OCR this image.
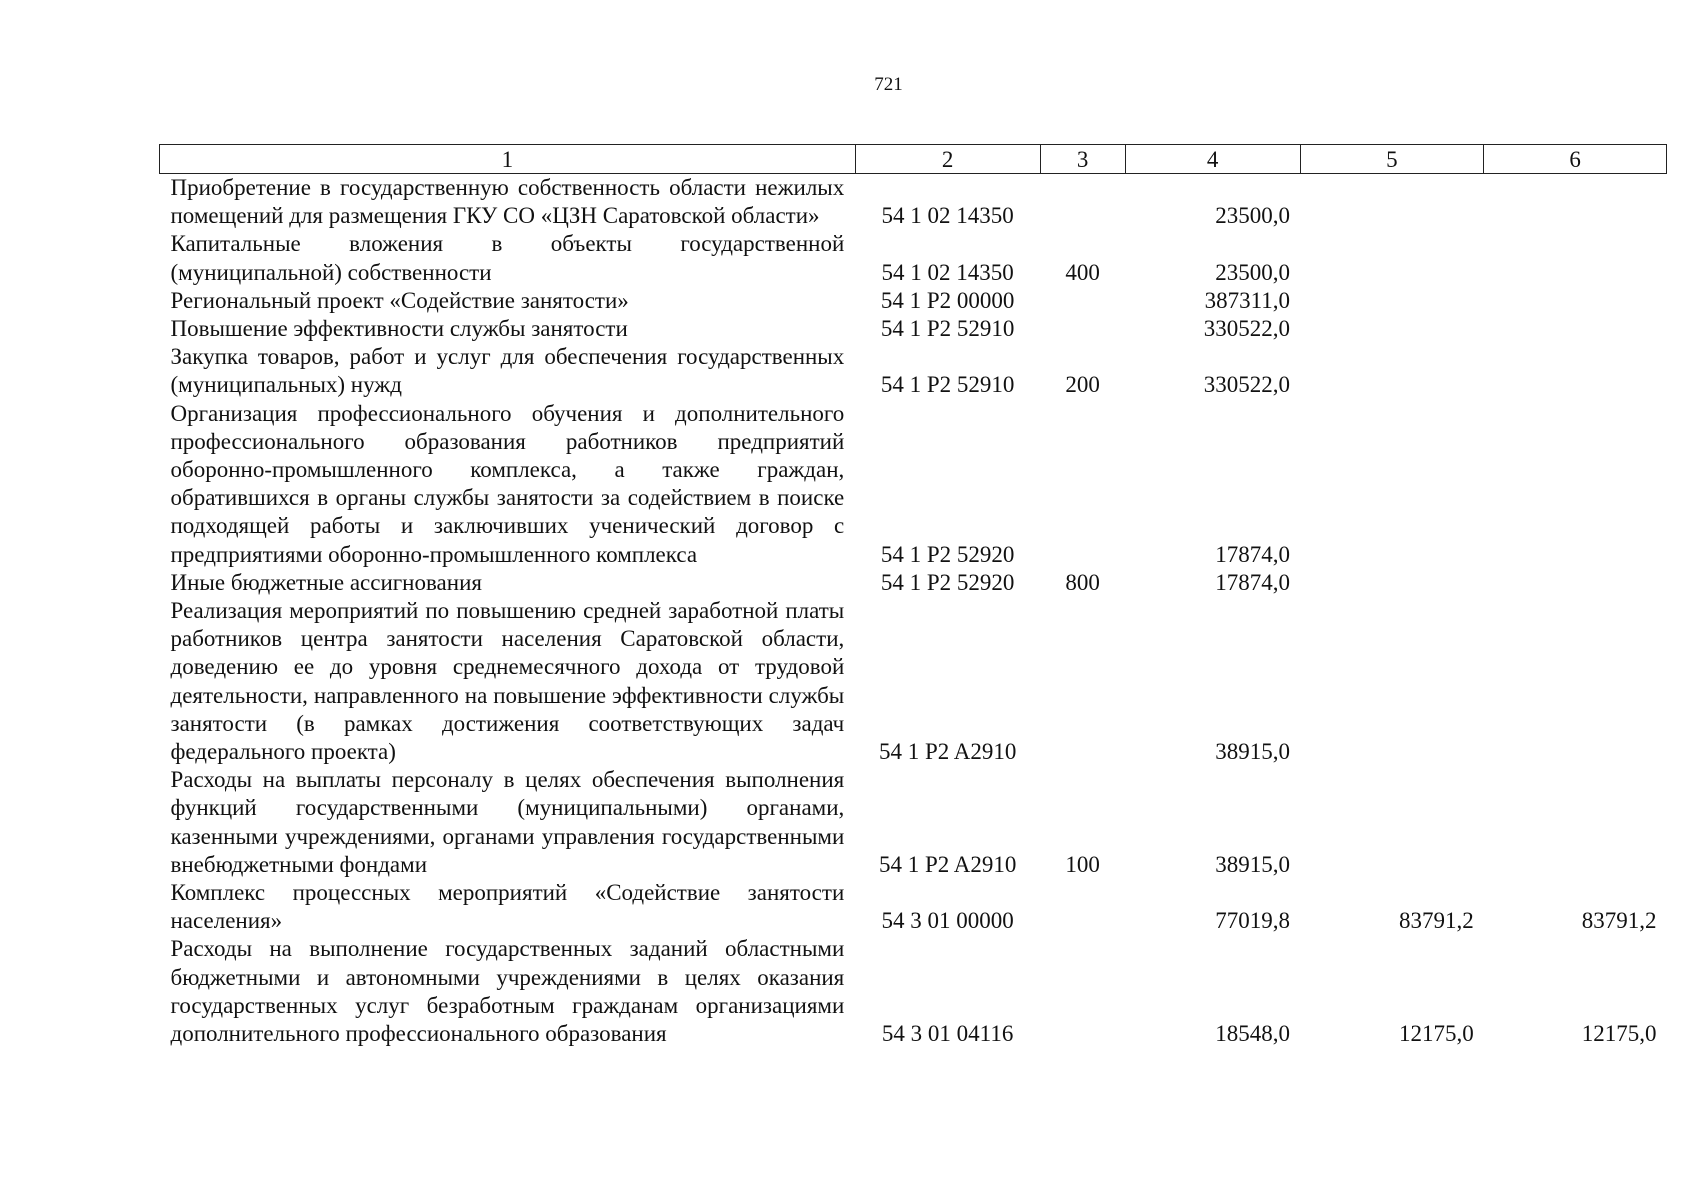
721
1	2	3	4	5	6
Приобретение в государственную собственность области нежилых помещений для размещения ГКУ СО «ЦЗН Саратовской области»	54 1 02 14350		23500,0		
Капитальные вложения в объекты государственной (муниципальной) собственности	54 1 02 14350	400	23500,0		
Региональный проект «Содействие занятости»	54 1 P2 00000		387311,0		
Повышение эффективности службы занятости	54 1 P2 52910		330522,0		
Закупка товаров, работ и услуг для обеспечения государственных (муниципальных) нужд	54 1 P2 52910	200	330522,0		
Организация профессионального обучения и дополнительного профессионального образования работников предприятий оборонно-промышленного комплекса, а также граждан, обратившихся в органы службы занятости за содействием в поиске подходящей работы и заключивших ученический договор с предприятиями оборонно-промышленного комплекса	54 1 P2 52920		17874,0		
Иные бюджетные ассигнования	54 1 P2 52920	800	17874,0		
Реализация мероприятий по повышению средней заработной платы работников центра занятости населения Саратовской области, доведению ее до уровня среднемесячного дохода от трудовой деятельности, направленного на повышение эффективности службы занятости (в рамках достижения соответствующих задач федерального проекта)	54 1 P2 A2910		38915,0		
Расходы на выплаты персоналу в целях обеспечения выполнения функций государственными (муниципальными) органами, казенными учреждениями, органами управления государственными внебюджетными фондами	54 1 P2 A2910	100	38915,0		
Комплекс процессных мероприятий «Содействие занятости населения»	54 3 01 00000		77019,8	83791,2	83791,2
Расходы на выполнение государственных заданий областными бюджетными и автономными учреждениями в целях оказания государственных услуг безработным гражданам организациями дополнительного профессионального образования	54 3 01 04116		18548,0	12175,0	12175,0
